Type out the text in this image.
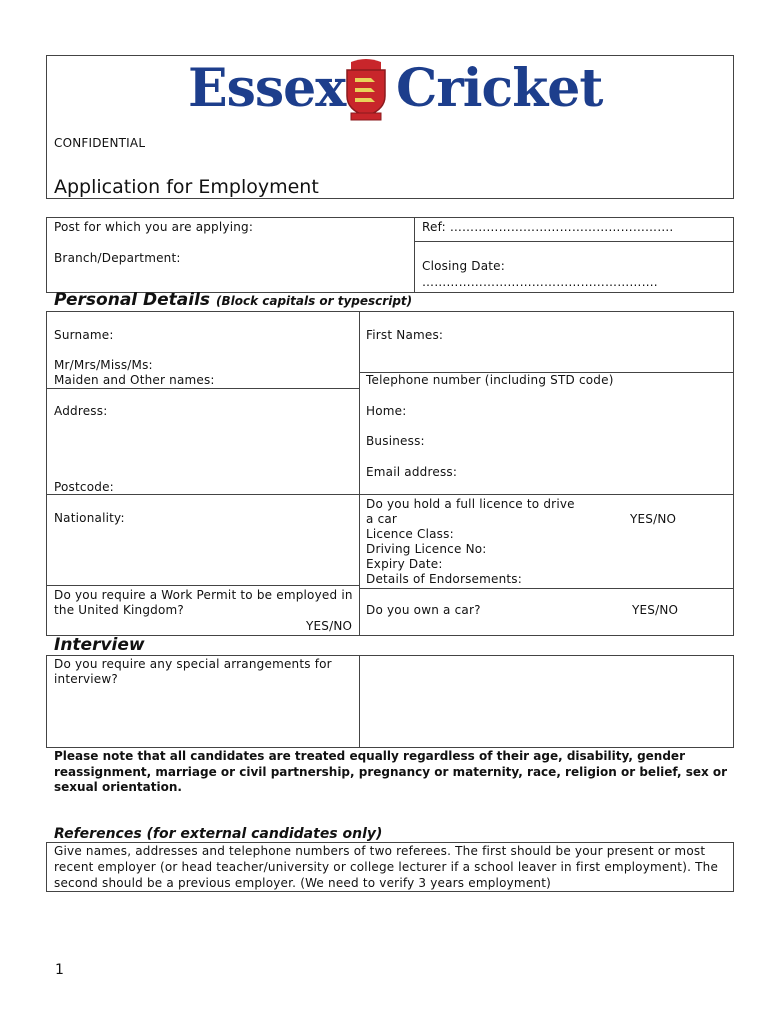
Essex Cricket
CONFIDENTIAL
Application for Employment
Post for which you are applying:
Branch/Department:
Ref: ……………………………………………….
Closing Date:
………………………………………………….
Personal Details (Block capitals or typescript)
Surname:
Mr/Mrs/Miss/Ms:
Maiden and Other names:
Address:
Postcode:
Nationality:
Do you require a Work Permit to be employed in
the United Kingdom?
YES/NO
First Names:
Telephone number (including STD code)
Home:
Business:
Email address:
Do you hold a full licence to drive
a car	YES/NO
Licence Class:
Driving Licence No:
Expiry Date:
Details of Endorsements:
Do you own a car?	YES/NO
Interview
Do you require any special arrangements for
interview?
Please note that all candidates are treated equally regardless of their age, disability, gender
reassignment, marriage or civil partnership, pregnancy or maternity, race, religion or belief, sex or
sexual orientation.
References (for external candidates only)
Give names, addresses and telephone numbers of two referees. The first should be your present or most
recent employer (or head teacher/university or college lecturer if a school leaver in first employment). The
second should be a previous employer. (We need to verify 3 years employment)
1
